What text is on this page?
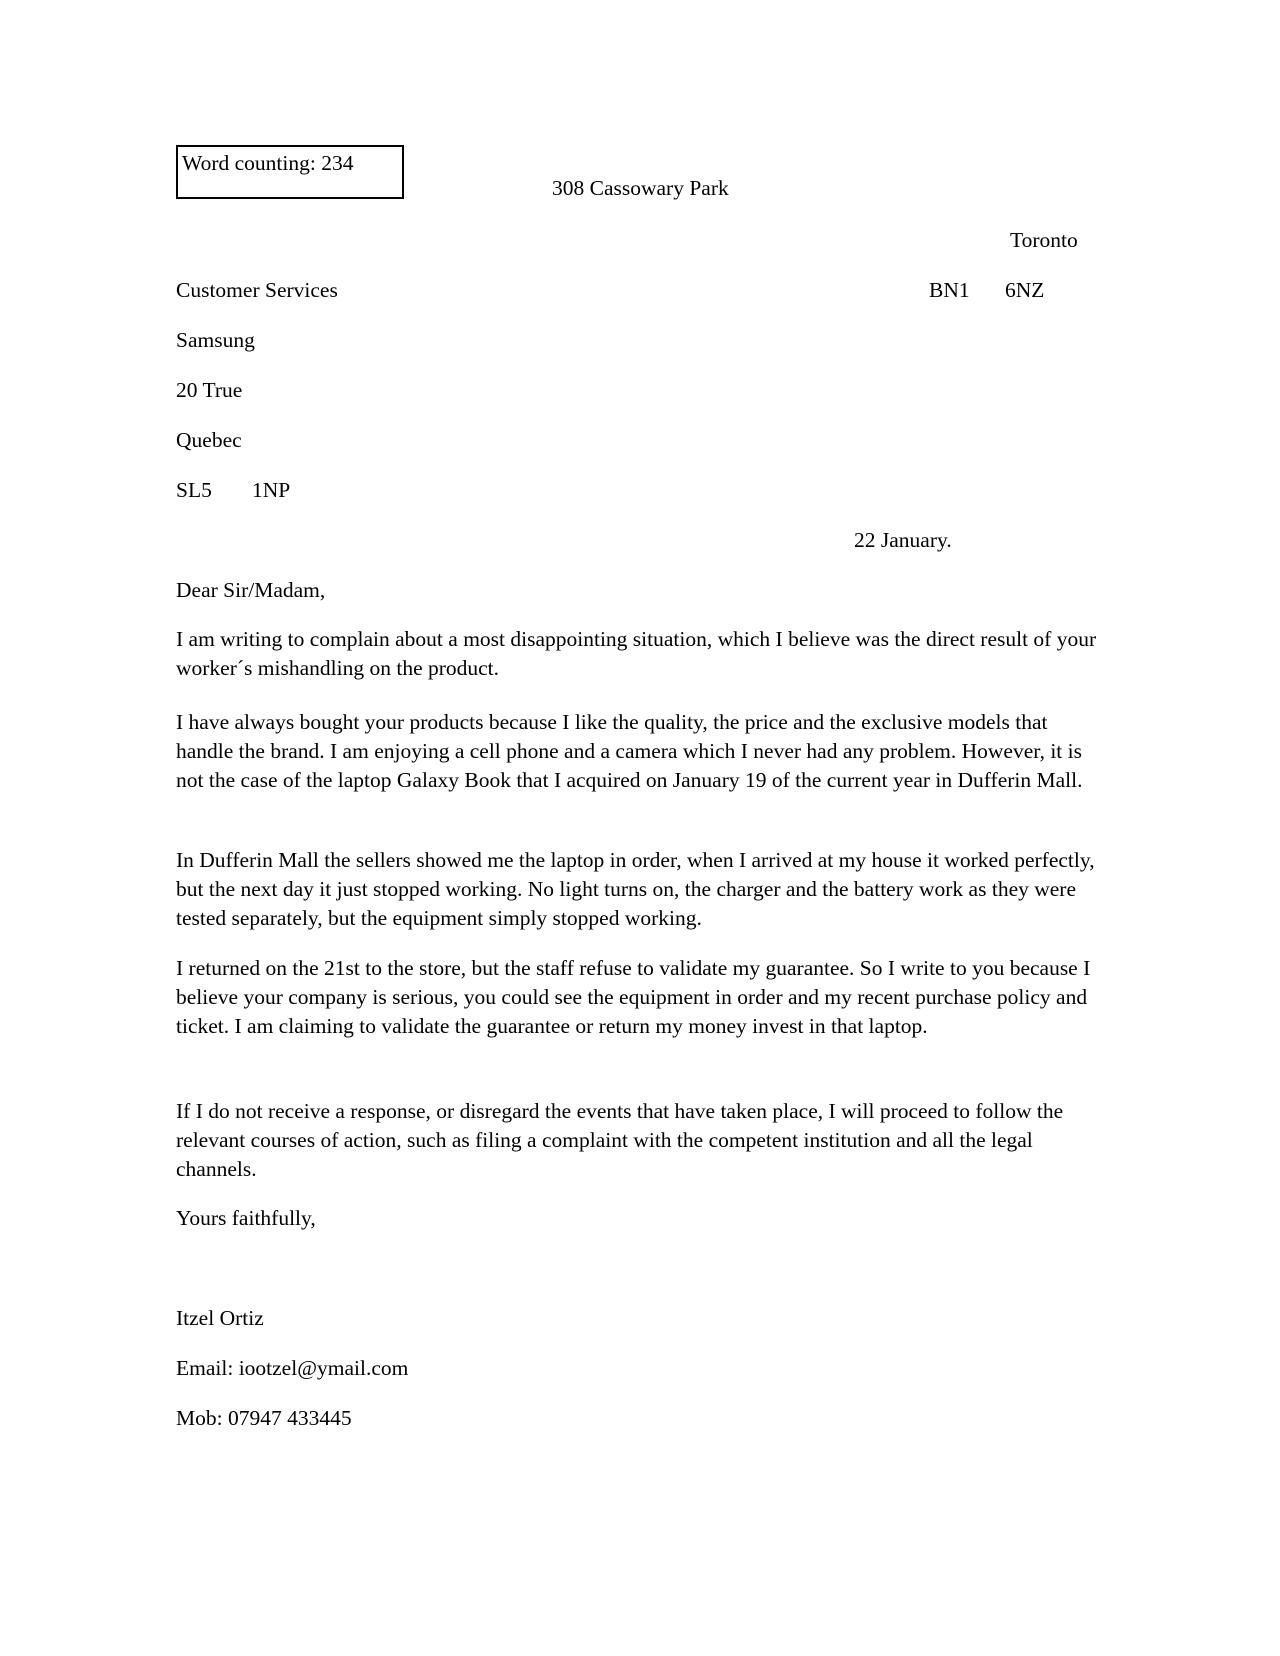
Word counting: 234
308 Cassowary Park
Toronto
Customer Services	BN1 6NZ
Samsung
20 True
Quebec
SL5 1NP
22 January.
Dear Sir/Madam,

I am writing to complain about a most disappointing situation, which I believe was the direct result of your worker´s mishandling on the product.

I have always bought your products because I like the quality, the price and the exclusive models that handle the brand. I am enjoying a cell phone and a camera which I never had any problem. However, it is not the case of the laptop Galaxy Book that I acquired on January 19 of the current year in Dufferin Mall.

In Dufferin Mall the sellers showed me the laptop in order, when I arrived at my house it worked perfectly, but the next day it just stopped working. No light turns on, the charger and the battery work as they were tested separately, but the equipment simply stopped working.

I returned on the 21st to the store, but the staff refuse to validate my guarantee. So I write to you because I believe your company is serious, you could see the equipment in order and my recent purchase policy and ticket. I am claiming to validate the guarantee or return my money invest in that laptop.

If I do not receive a response, or disregard the events that have taken place, I will proceed to follow the relevant courses of action, such as filing a complaint with the competent institution and all the legal channels.

Yours faithfully,
Itzel Ortiz
Email: iootzel@ymail.com
Mob: 07947 433445
